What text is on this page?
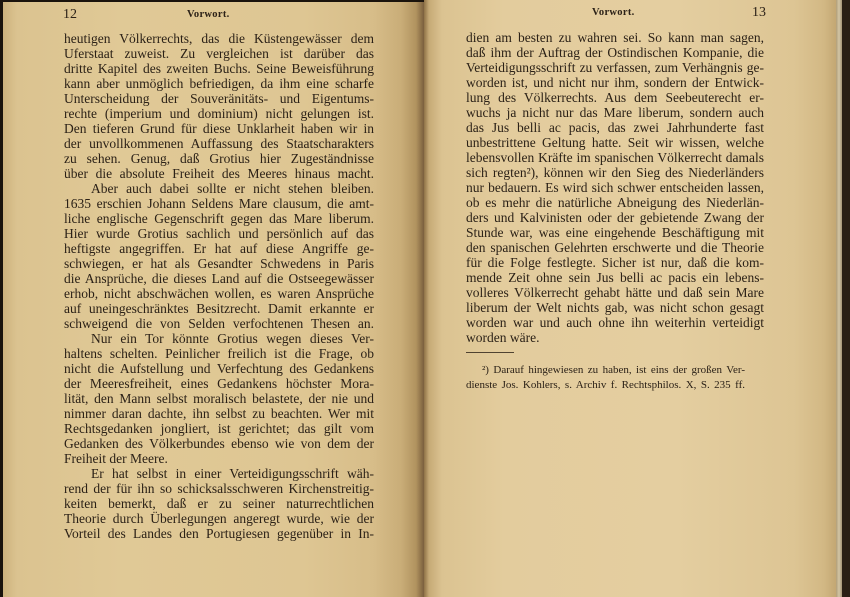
12	Vorwort.
heutigen Völkerrechts, das die Küstengewässer dem
Uferstaat zuweist. Zu vergleichen ist darüber das
dritte Kapitel des zweiten Buchs. Seine Beweisführung
kann aber unmöglich befriedigen, da ihm eine scharfe
Unterscheidung der Souveränitäts- und Eigentums-
rechte (imperium und dominium) nicht gelungen ist.
Den tieferen Grund für diese Unklarheit haben wir in
der unvollkommenen Auffassung des Staatscharakters
zu sehen. Genug, daß Grotius hier Zugeständnisse
über die absolute Freiheit des Meeres hinaus macht.
Aber auch dabei sollte er nicht stehen bleiben.
1635 erschien Johann Seldens Mare clausum, die amt-
liche englische Gegenschrift gegen das Mare liberum.
Hier wurde Grotius sachlich und persönlich auf das
heftigste angegriffen. Er hat auf diese Angriffe ge-
schwiegen, er hat als Gesandter Schwedens in Paris
die Ansprüche, die dieses Land auf die Ostseegewässer
erhob, nicht abschwächen wollen, es waren Ansprüche
auf uneingeschränktes Besitzrecht. Damit erkannte er
schweigend die von Selden verfochtenen Thesen an.
Nur ein Tor könnte Grotius wegen dieses Ver-
haltens schelten. Peinlicher freilich ist die Frage, ob
nicht die Aufstellung und Verfechtung des Gedankens
der Meeresfreiheit, eines Gedankens höchster Mora-
lität, den Mann selbst moralisch belastete, der nie und
nimmer daran dachte, ihn selbst zu beachten. Wer mit
Rechtsgedanken jongliert, ist gerichtet; das gilt vom
Gedanken des Völkerbundes ebenso wie von dem der
Freiheit der Meere.
Er hat selbst in einer Verteidigungsschrift wäh-
rend der für ihn so schicksalsschweren Kirchenstreitig-
keiten bemerkt, daß er zu seiner naturrechtlichen
Theorie durch Überlegungen angeregt wurde, wie der
Vorteil des Landes den Portugiesen gegenüber in In-
Vorwort.	13
dien am besten zu wahren sei. So kann man sagen,
daß ihm der Auftrag der Ostindischen Kompanie, die
Verteidigungsschrift zu verfassen, zum Verhängnis ge-
worden ist, und nicht nur ihm, sondern der Entwick-
lung des Völkerrechts. Aus dem Seebeuterecht er-
wuchs ja nicht nur das Mare liberum, sondern auch
das Jus belli ac pacis, das zwei Jahrhunderte fast
unbestrittene Geltung hatte. Seit wir wissen, welche
lebensvollen Kräfte im spanischen Völkerrecht damals
sich regten²), können wir den Sieg des Niederländers
nur bedauern. Es wird sich schwer entscheiden lassen,
ob es mehr die natürliche Abneigung des Niederlän-
ders und Kalvinisten oder der gebietende Zwang der
Stunde war, was eine eingehende Beschäftigung mit
den spanischen Gelehrten erschwerte und die Theorie
für die Folge festlegte. Sicher ist nur, daß die kom-
mende Zeit ohne sein Jus belli ac pacis ein lebens-
volleres Völkerrecht gehabt hätte und daß sein Mare
liberum der Welt nichts gab, was nicht schon gesagt
worden war und auch ohne ihn weiterhin verteidigt
worden wäre.
²) Darauf hingewiesen zu haben, ist eins der großen Ver-
dienste Jos. Kohlers, s. Archiv f. Rechtsphilos. X, S. 235 ff.
